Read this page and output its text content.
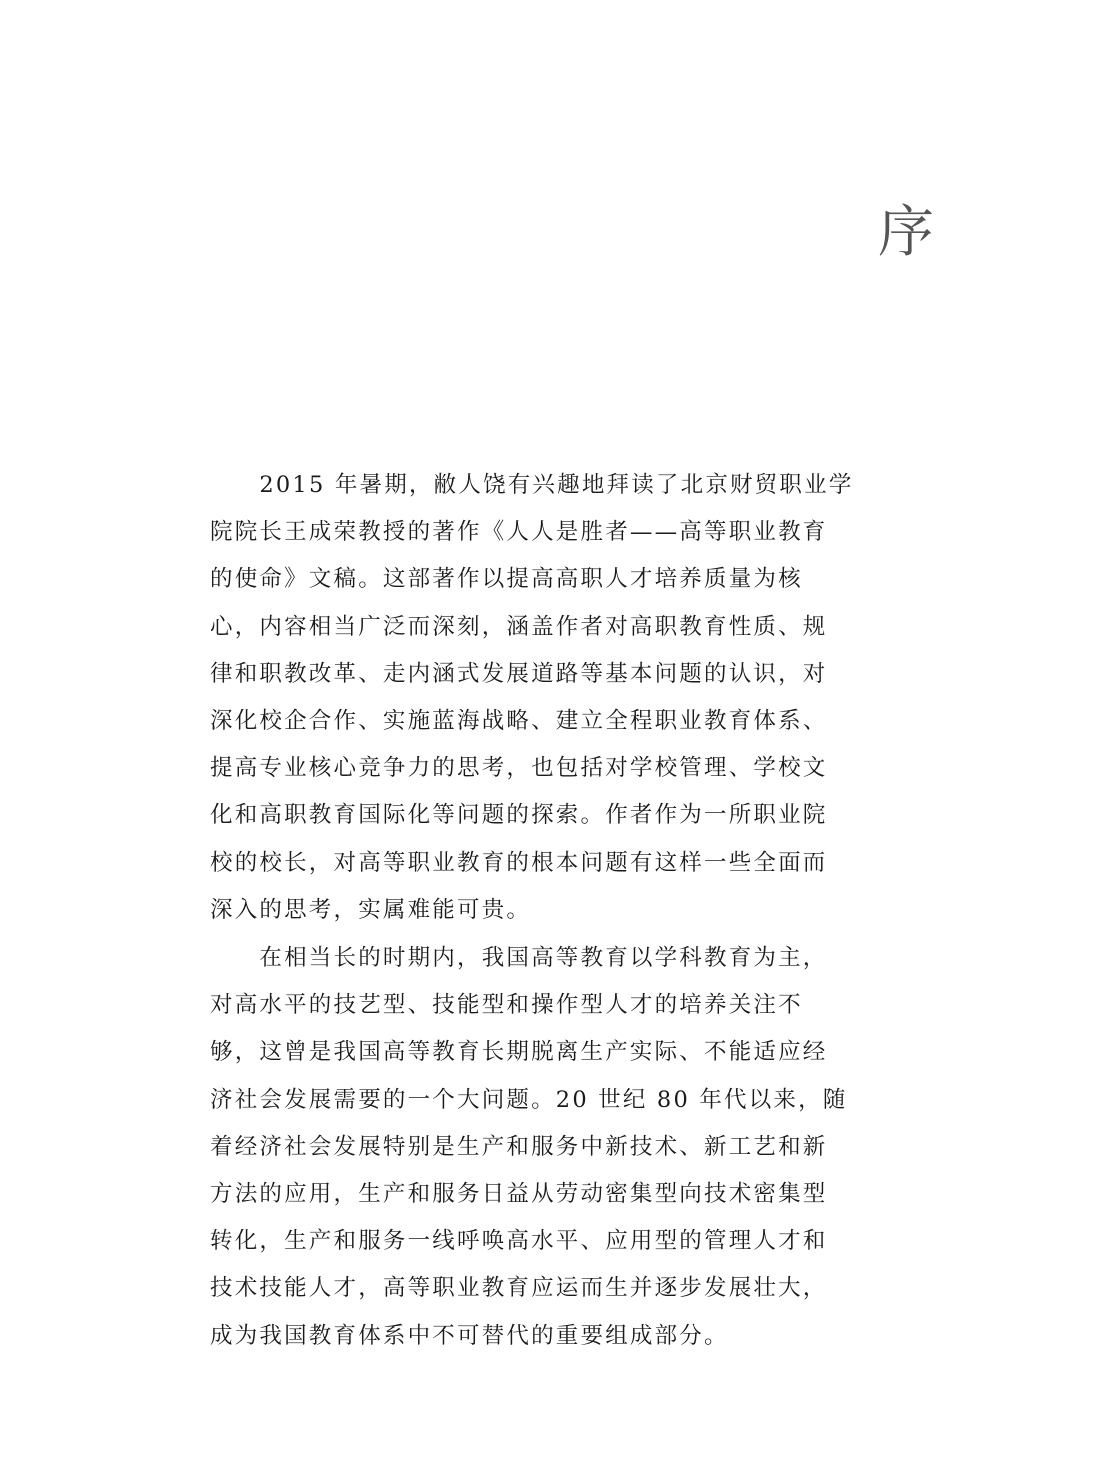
序

　　2015 年暑期，敝人饶有兴趣地拜读了北京财贸职业学
院院长王成荣教授的著作《人人是胜者——高等职业教育
的使命》文稿。这部著作以提高高职人才培养质量为核
心，内容相当广泛而深刻，涵盖作者对高职教育性质、规
律和职教改革、走内涵式发展道路等基本问题的认识，对
深化校企合作、实施蓝海战略、建立全程职业教育体系、
提高专业核心竞争力的思考，也包括对学校管理、学校文
化和高职教育国际化等问题的探索。作者作为一所职业院
校的校长，对高等职业教育的根本问题有这样一些全面而
深入的思考，实属难能可贵。

　　在相当长的时期内，我国高等教育以学科教育为主，
对高水平的技艺型、技能型和操作型人才的培养关注不
够，这曾是我国高等教育长期脱离生产实际、不能适应经
济社会发展需要的一个大问题。20 世纪 80 年代以来，随
着经济社会发展特别是生产和服务中新技术、新工艺和新
方法的应用，生产和服务日益从劳动密集型向技术密集型
转化，生产和服务一线呼唤高水平、应用型的管理人才和
技术技能人才，高等职业教育应运而生并逐步发展壮大，
成为我国教育体系中不可替代的重要组成部分。
